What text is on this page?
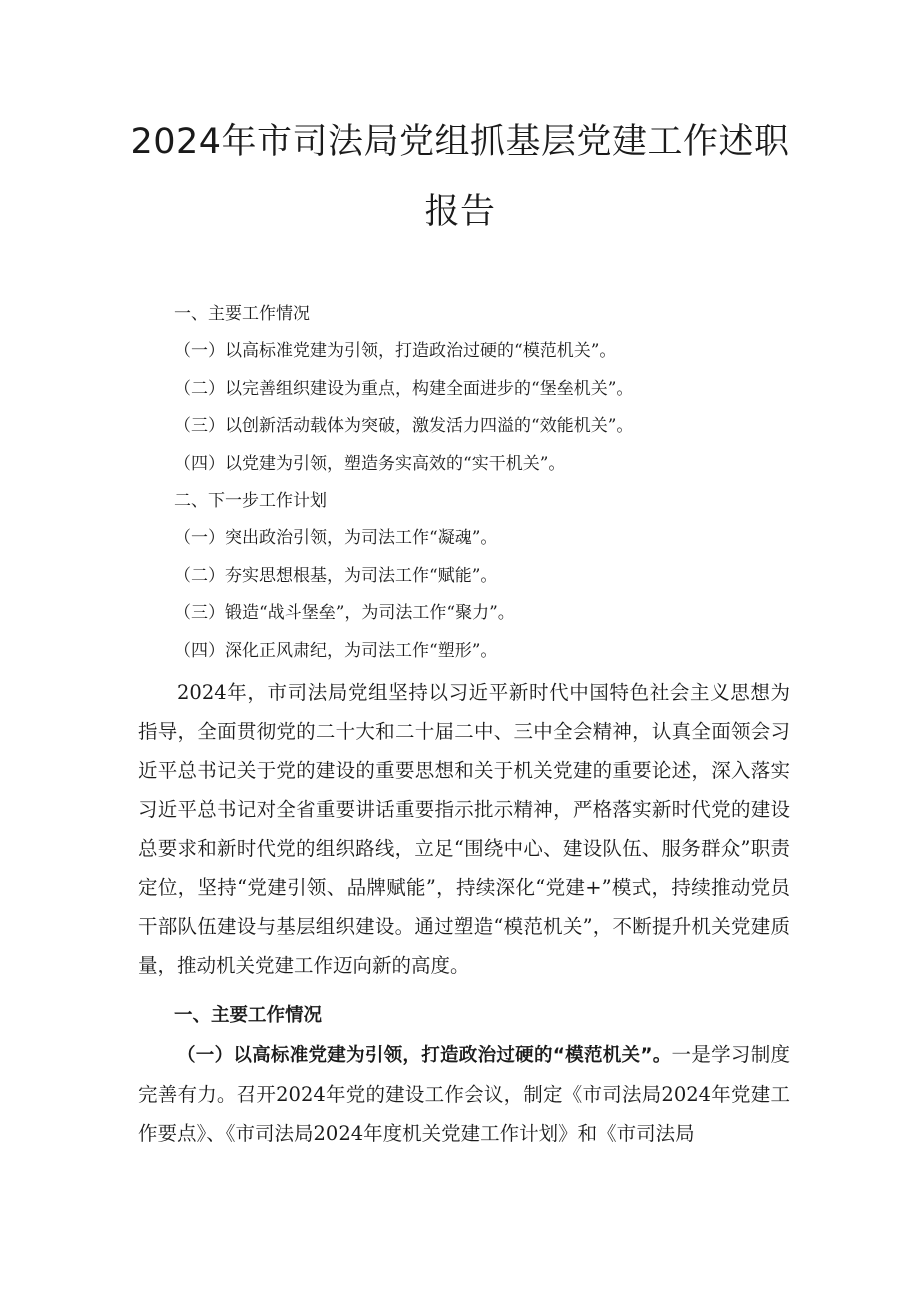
2024年市司法局党组抓基层党建工作述职
报告
一、主要工作情况
（一）以高标准党建为引领，打造政治过硬的“模范机关”。
（二）以完善组织建设为重点，构建全面进步的“堡垒机关”。
（三）以创新活动载体为突破，激发活力四溢的“效能机关”。
（四）以党建为引领，塑造务实高效的“实干机关”。
二、下一步工作计划
（一）突出政治引领，为司法工作“凝魂”。
（二）夯实思想根基，为司法工作“赋能”。
（三）锻造“战斗堡垒”，为司法工作“聚力”。
（四）深化正风肃纪，为司法工作“塑形”。

2024年，市司法局党组坚持以习近平新时代中国特色社会主义思想为指导，全面贯彻党的二十大和二十届二中、三中全会精神，认真全面领会习近平总书记关于党的建设的重要思想和关于机关党建的重要论述，深入落实习近平总书记对全省重要讲话重要指示批示精神，严格落实新时代党的建设总要求和新时代党的组织路线，立足“围绕中心、建设队伍、服务群众”职责定位，坚持“党建引领、品牌赋能”，持续深化“党建+”模式，持续推动党员干部队伍建设与基层组织建设。通过塑造“模范机关”，不断提升机关党建质量，推动机关党建工作迈向新的高度。

一、主要工作情况

（一）以高标准党建为引领，打造政治过硬的“模范机关”。一是学习制度完善有力。召开2024年党的建设工作会议，制定《市司法局2024年党建工作要点》、《市司法局2024年度机关党建工作计划》和《市司法局
